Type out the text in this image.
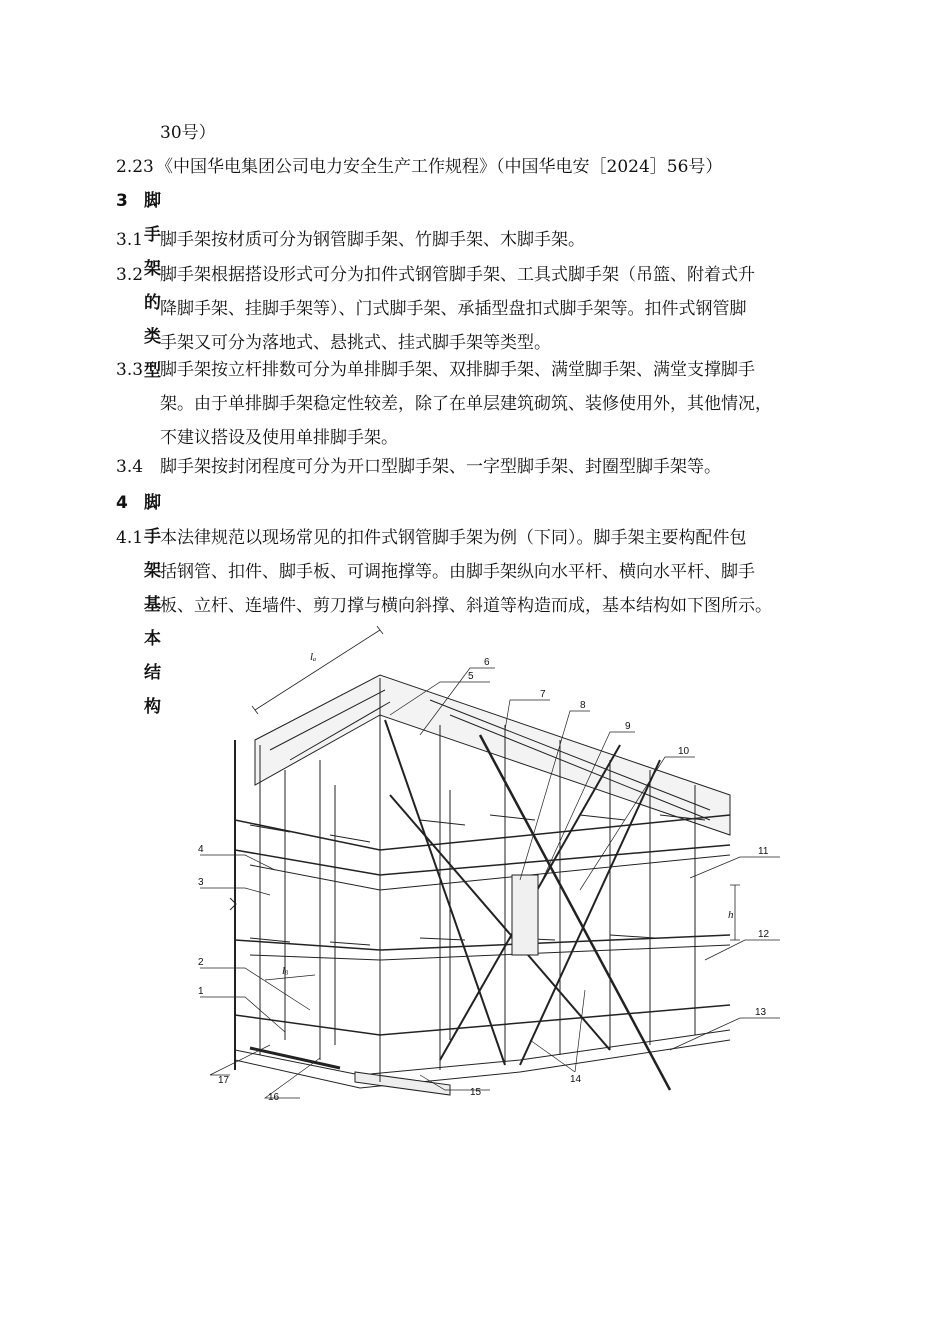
30号）
2.23 《中国华电集团公司电力安全生产工作规程》（中国华电安［2024］56号）
3 脚手架的类型
3.1 脚手架按材质可分为钢管脚手架、竹脚手架、木脚手架。
3.2 脚手架根据搭设形式可分为扣件式钢管脚手架、工具式脚手架（吊篮、附着式升
降脚手架、挂脚手架等）、门式脚手架、承插型盘扣式脚手架等。扣件式钢管脚
手架又可分为落地式、悬挑式、挂式脚手架等类型。
3.3 脚手架按立杆排数可分为单排脚手架、双排脚手架、满堂脚手架、满堂支撑脚手
架。由于单排脚手架稳定性较差，除了在单层建筑砌筑、装修使用外，其他情况，
不建议搭设及使用单排脚手架。
3.4 脚手架按封闭程度可分为开口型脚手架、一字型脚手架、封圈型脚手架等。
4 脚手架基本结构
4.1 本法律规范以现场常见的扣件式钢管脚手架为例（下同）。脚手架主要构配件包
括钢管、扣件、脚手板、可调拖撑等。由脚手架纵向水平杆、横向水平杆、脚手
板、立杆、连墙件、剪刀撑与横向斜撑、斜道等构造而成，基本结构如下图所示。
1
2
3
4
5
6
7
8
9
10
11
12
13
14
15
16
17
lₐ
lᵦ
h
